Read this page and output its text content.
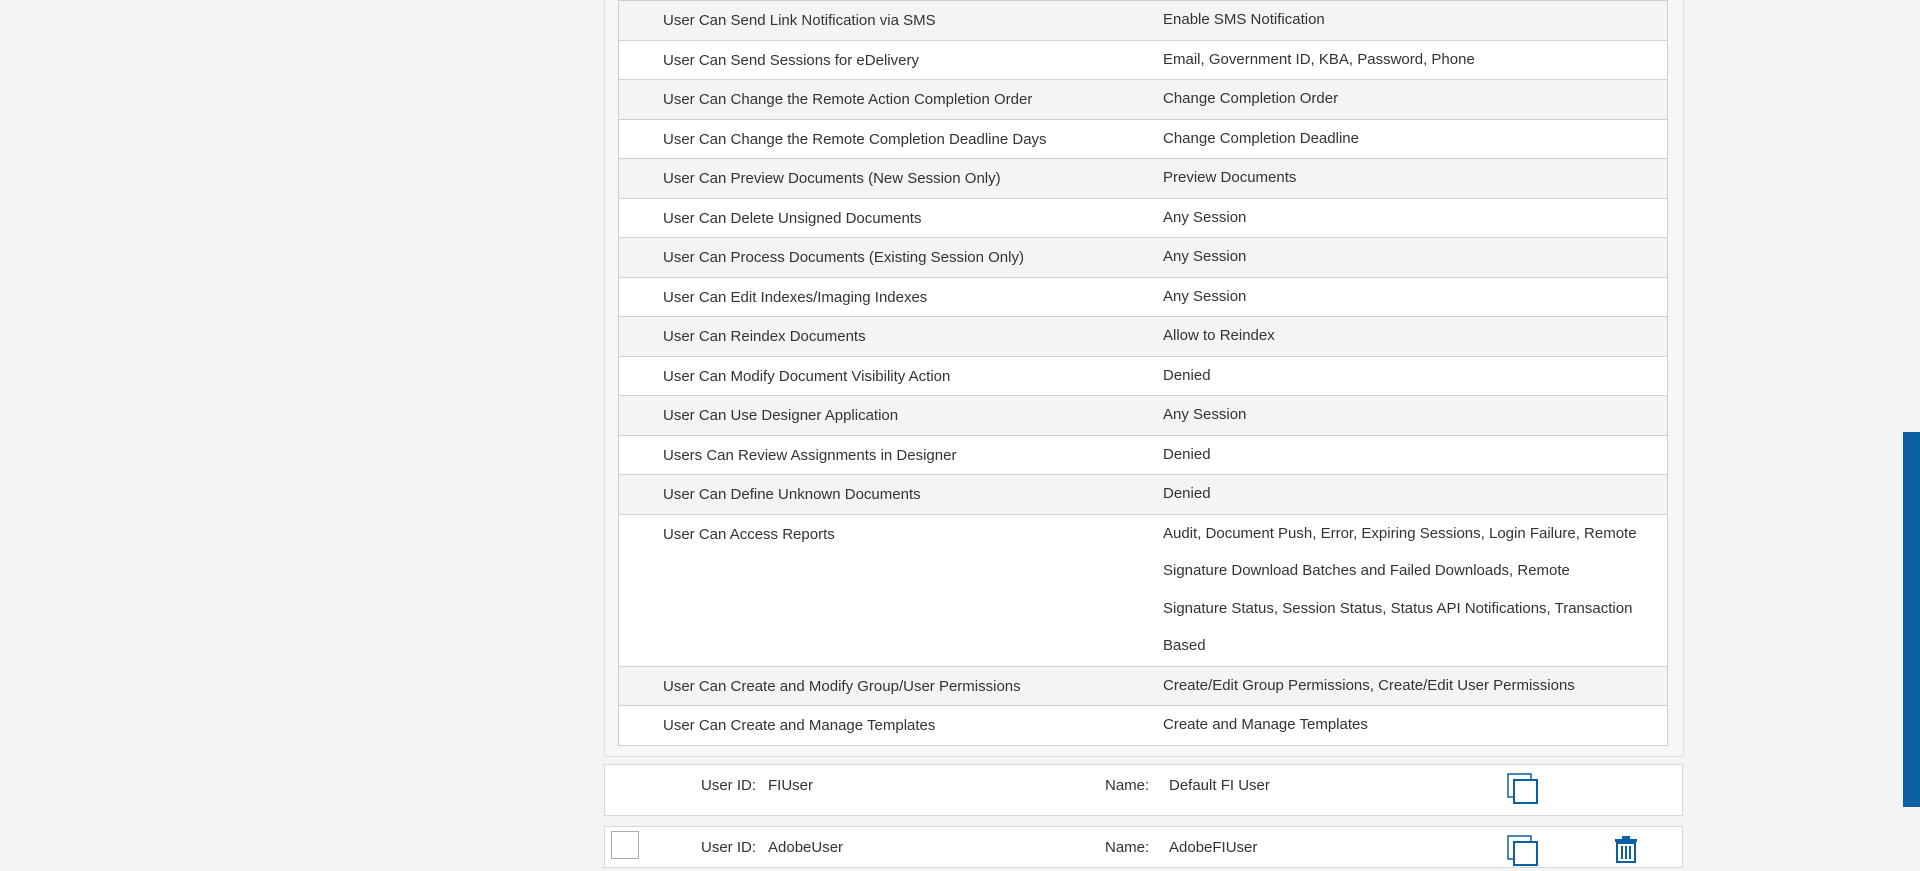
User Can Send Link Notification via SMS	Enable SMS Notification

User Can Send Sessions for eDelivery	Email, Government ID, KBA, Password, Phone

User Can Change the Remote Action Completion Order	Change Completion Order

User Can Change the Remote Completion Deadline Days	Change Completion Deadline

User Can Preview Documents (New Session Only)	Preview Documents

User Can Delete Unsigned Documents	Any Session

User Can Process Documents (Existing Session Only)	Any Session

User Can Edit Indexes/Imaging Indexes	Any Session

User Can Reindex Documents	Allow to Reindex

User Can Modify Document Visibility Action	Denied

User Can Use Designer Application	Any Session

Users Can Review Assignments in Designer	Denied

User Can Define Unknown Documents	Denied

User Can Access Reports	Audit, Document Push, Error, Expiring Sessions, Login Failure, Remote Signature Download Batches and Failed Downloads, Remote Signature Status, Session Status, Status API Notifications, Transaction Based

User Can Create and Modify Group/User Permissions	Create/Edit Group Permissions, Create/Edit User Permissions

User Can Create and Manage Templates	Create and Manage Templates
User ID: FIUser	Name: Default FI User
User ID: AdobeUser	Name: AdobeFIUser
